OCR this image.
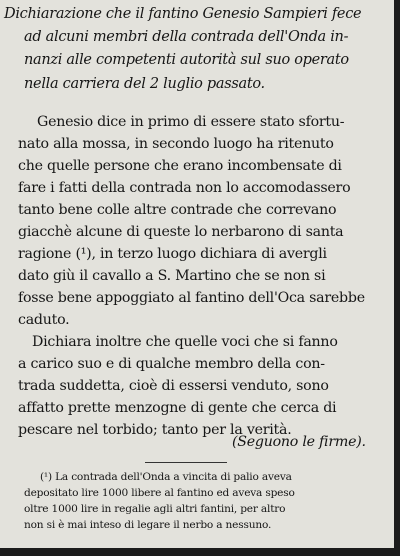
Dichiarazione che il fantino Genesio Sampieri fece
ad alcuni membri della contrada dell'Onda in-
nanzi alle competenti autorità sul suo operato
nella carriera del 2 luglio passato.
Genesio dice in primo di essere stato sfortu-
nato alla mossa, in secondo luogo ha ritenuto
che quelle persone che erano incombensate di
fare i fatti della contrada non lo accomodassero
tanto bene colle altre contrade che correvano
giacchè alcune di queste lo nerbarono di santa
ragione (¹), in terzo luogo dichiara di avergli
dato giù il cavallo a S. Martino che se non si
fosse bene appoggiato al fantino dell'Oca sarebbe
caduto.
Dichiara inoltre che quelle voci che si fanno
a carico suo e di qualche membro della con-
trada suddetta, cioè di essersi venduto, sono
affatto prette menzogne di gente che cerca di
pescare nel torbido; tanto per la verità.
(Seguono le firme).
(¹) La contrada dell'Onda a vincita di palio aveva
depositato lire 1000 libere al fantino ed aveva speso
oltre 1000 lire in regalie agli altri fantini, per altro
non si è mai inteso di legare il nerbo a nessuno.
